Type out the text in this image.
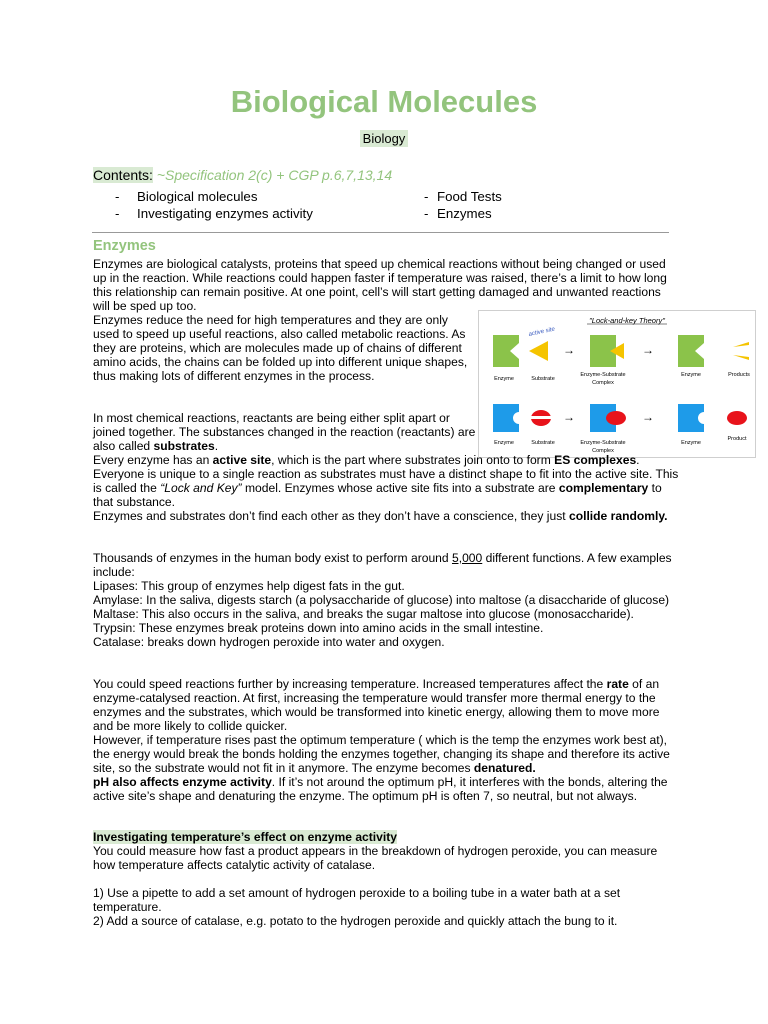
Biological Molecules
Biology
Contents: ~Specification 2(c) + CGP p.6,7,13,14
- Biological molecules
- Investigating enzymes activity
- Food Tests
- Enzymes
Enzymes

Enzymes are biological catalysts, proteins that speed up chemical reactions without being changed or used up in the reaction. While reactions could happen faster if temperature was raised, there’s a limit to how long this relationship can remain positive. At one point, cell’s will start getting damaged and unwanted reactions will be sped up too.

Enzymes reduce the need for high temperatures and they are only used to speed up useful reactions, also called metabolic reactions. As they are proteins, which are molecules made up of chains of different amino acids, the chains can be folded up into different unique shapes, thus making lots of different enzymes in the process.

"Lock-and-key Theory"
active site
→	→
Enzyme	Substrate
Enzyme-Substrate
Complex
Enzyme	Products
→	→
Enzyme	Substrate	Enzyme-Substrate
Complex
Enzyme
Product

In most chemical reactions, reactants are being either split apart or joined together. The substances changed in the reaction (reactants) are also called substrates.

Every enzyme has an active site, which is the part where substrates join onto to form ES complexes. Everyone is unique to a single reaction as substrates must have a distinct shape to fit into the active site. This is called the “Lock and Key” model. Enzymes whose active site fits into a substrate are complementary to that substance.

Enzymes and substrates don’t find each other as they don’t have a conscience, they just collide randomly.

Thousands of enzymes in the human body exist to perform around 5,000 different functions. A few examples include:

Lipases: This group of enzymes help digest fats in the gut.

Amylase: In the saliva, digests starch (a polysaccharide of glucose) into maltose (a disaccharide of glucose)

Maltase: This also occurs in the saliva, and breaks the sugar maltose into glucose (monosaccharide).

Trypsin: These enzymes break proteins down into amino acids in the small intestine.

Catalase: breaks down hydrogen peroxide into water and oxygen.

You could speed reactions further by increasing temperature. Increased temperatures affect the rate of an enzyme-catalysed reaction. At first, increasing the temperature would transfer more thermal energy to the enzymes and the substrates, which would be transformed into kinetic energy, allowing them to move more and be more likely to collide quicker.

However, if temperature rises past the optimum temperature ( which is the temp the enzymes work best at), the energy would break the bonds holding the enzymes together, changing its shape and therefore its active site, so the substrate would not fit in it anymore. The enzyme becomes denatured.

pH also affects enzyme activity. If it’s not around the optimum pH, it interferes with the bonds, altering the active site’s shape and denaturing the enzyme. The optimum pH is often 7, so neutral, but not always.

Investigating temperature’s effect on enzyme activity

You could measure how fast a product appears in the breakdown of hydrogen peroxide, you can measure how temperature affects catalytic activity of catalase.

1) Use a pipette to add a set amount of hydrogen peroxide to a boiling tube in a water bath at a set temperature.

2) Add a source of catalase, e.g. potato to the hydrogen peroxide and quickly attach the bung to it.
